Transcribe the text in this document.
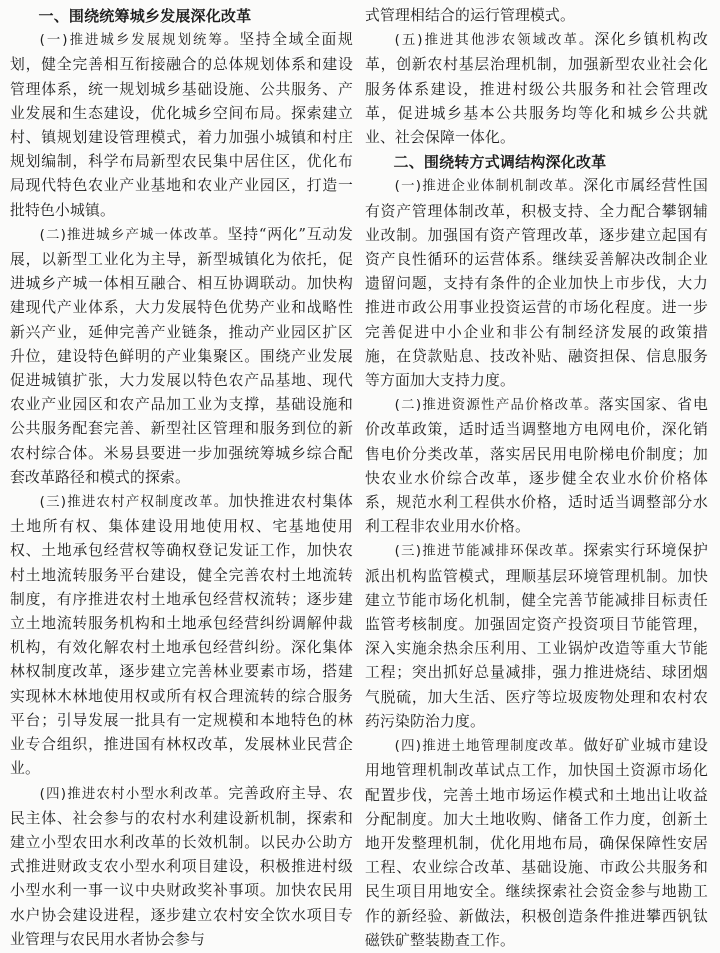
一、围绕统筹城乡发展深化改革

(一)推进城乡发展规划统筹。坚持全域全面规划，健全完善相互衔接融合的总体规划体系和建设管理体系，统一规划城乡基础设施、公共服务、产业发展和生态建设，优化城乡空间布局。探索建立村、镇规划建设管理模式，着力加强小城镇和村庄规划编制，科学布局新型农民集中居住区，优化布局现代特色农业产业基地和农业产业园区，打造一批特色小城镇。

(二)推进城乡产城一体改革。坚持“两化”互动发展，以新型工业化为主导，新型城镇化为依托，促进城乡产城一体相互融合、相互协调联动。加快构建现代产业体系，大力发展特色优势产业和战略性新兴产业，延伸完善产业链条，推动产业园区扩区升位，建设特色鲜明的产业集聚区。围绕产业发展促进城镇扩张，大力发展以特色农产品基地、现代农业产业园区和农产品加工业为支撑，基础设施和公共服务配套完善、新型社区管理和服务到位的新农村综合体。米易县要进一步加强统筹城乡综合配套改革路径和模式的探索。

(三)推进农村产权制度改革。加快推进农村集体土地所有权、集体建设用地使用权、宅基地使用权、土地承包经营权等确权登记发证工作，加快农村土地流转服务平台建设，健全完善农村土地流转制度，有序推进农村土地承包经营权流转；逐步建立土地流转服务机构和土地承包经营纠纷调解仲裁机构，有效化解农村土地承包经营纠纷。深化集体林权制度改革，逐步建立完善林业要素市场，搭建实现林木林地使用权或所有权合理流转的综合服务平台；引导发展一批具有一定规模和本地特色的林业专合组织，推进国有林权改革，发展林业民营企业。

(四)推进农村小型水利改革。完善政府主导、农民主体、社会参与的农村水利建设新机制，探索和建立小型农田水利改革的长效机制。以民办公助方式推进财政支农小型水利项目建设，积极推进村级小型水利一事一议中央财政奖补事项。加快农民用水户协会建设进程，逐步建立农村安全饮水项目专业管理与农民用水者协会参与

式管理相结合的运行管理模式。

(五)推进其他涉农领域改革。深化乡镇机构改革，创新农村基层治理机制，加强新型农业社会化服务体系建设，推进村级公共服务和社会管理改革，促进城乡基本公共服务均等化和城乡公共就业、社会保障一体化。

二、围绕转方式调结构深化改革

(一)推进企业体制机制改革。深化市属经营性国有资产管理体制改革，积极支持、全力配合攀钢辅业改制。加强国有资产管理改革，逐步建立起国有资产良性循环的运营体系。继续妥善解决改制企业遗留问题，支持有条件的企业加快上市步伐，大力推进市政公用事业投资运营的市场化程度。进一步完善促进中小企业和非公有制经济发展的政策措施，在贷款贴息、技改补贴、融资担保、信息服务等方面加大支持力度。

(二)推进资源性产品价格改革。落实国家、省电价改革政策，适时适当调整地方电网电价，深化销售电价分类改革，落实居民用电阶梯电价制度；加快农业水价综合改革，逐步健全农业水价价格体系，规范水利工程供水价格，适时适当调整部分水利工程非农业用水价格。

(三)推进节能减排环保改革。探索实行环境保护派出机构监管模式，理顺基层环境管理机制。加快建立节能市场化机制，健全完善节能减排目标责任监管考核制度。加强固定资产投资项目节能管理，深入实施余热余压利用、工业锅炉改造等重大节能工程；突出抓好总量减排，强力推进烧结、球团烟气脱硫，加大生活、医疗等垃圾废物处理和农村农药污染防治力度。

(四)推进土地管理制度改革。做好矿业城市建设用地管理机制改革试点工作，加快国土资源市场化配置步伐，完善土地市场运作模式和土地出让收益分配制度。加大土地收购、储备工作力度，创新土地开发整理机制，优化用地布局，确保保障性安居工程、农业综合改革、基础设施、市政公共服务和民生项目用地安全。继续探索社会资金参与地勘工作的新经验、新做法，积极创造条件推进攀西钒钛磁铁矿整装勘查工作。
